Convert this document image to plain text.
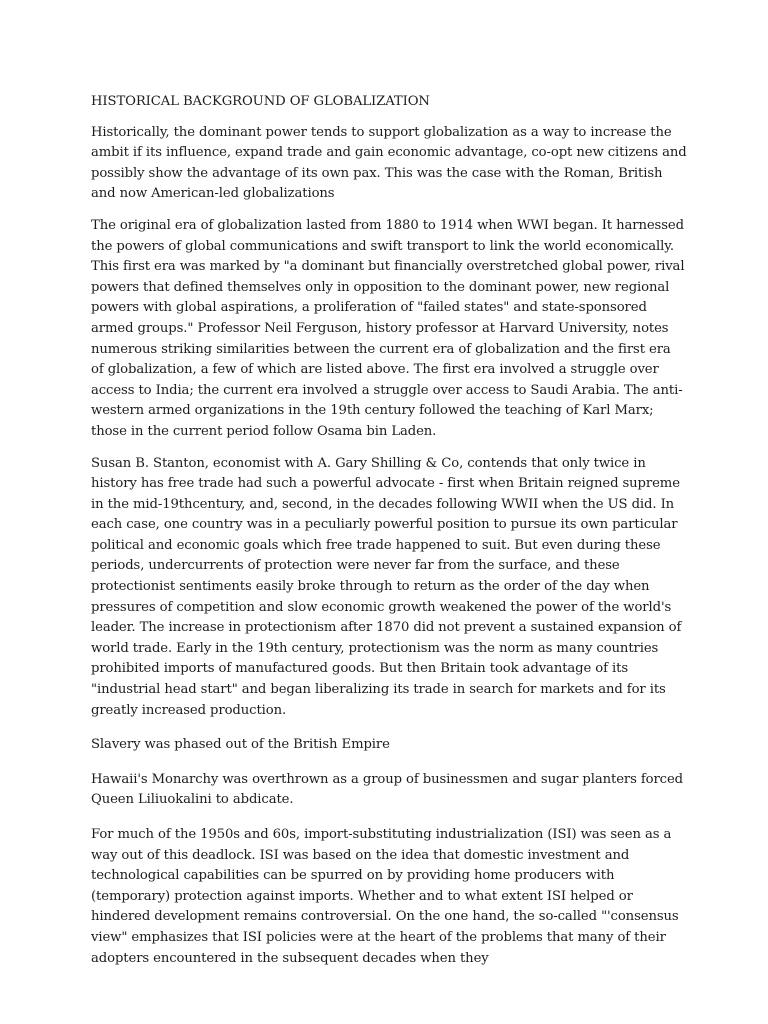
HISTORICAL BACKGROUND OF GLOBALIZATION

Historically, the dominant power tends to support globalization as a way to increase the ambit if its influence, expand trade and gain economic advantage, co-opt new citizens and possibly show the advantage of its own pax. This was the case with the Roman, British and now American-led globalizations

The original era of globalization lasted from 1880 to 1914 when WWI began. It harnessed the powers of global communications and swift transport to link the world economically. This first era was marked by "a dominant but financially overstretched global power, rival powers that defined themselves only in opposition to the dominant power, new regional powers with global aspirations, a proliferation of "failed states" and state-sponsored armed groups." Professor Neil Ferguson, history professor at Harvard University, notes numerous striking similarities between the current era of globalization and the first era of globalization, a few of which are listed above. The first era involved a struggle over access to India; the current era involved a struggle over access to Saudi Arabia. The anti-western armed organizations in the 19th century followed the teaching of Karl Marx; those in the current period follow Osama bin Laden.

Susan B. Stanton, economist with A. Gary Shilling & Co, contends that only twice in history has free trade had such a powerful advocate - first when Britain reigned supreme in the mid-19thcentury, and, second, in the decades following WWII when the US did. In each case, one country was in a peculiarly powerful position to pursue its own particular political and economic goals which free trade happened to suit. But even during these periods, undercurrents of protection were never far from the surface, and these protectionist sentiments easily broke through to return as the order of the day when pressures of competition and slow economic growth weakened the power of the world's leader. The increase in protectionism after 1870 did not prevent a sustained expansion of world trade. Early in the 19th century, protectionism was the norm as many countries prohibited imports of manufactured goods. But then Britain took advantage of its "industrial head start" and began liberalizing its trade in search for markets and for its greatly increased production.

Slavery was phased out of the British Empire

Hawaii's Monarchy was overthrown as a group of businessmen and sugar planters forced Queen Liliuokalini to abdicate.

For much of the 1950s and 60s, import-substituting industrialization (ISI) was seen as a way out of this deadlock. ISI was based on the idea that domestic investment and technological capabilities can be spurred on by providing home producers with (temporary) protection against imports. Whether and to what extent ISI helped or hindered development remains controversial. On the one hand, the so-called "'consensus view" emphasizes that ISI policies were at the heart of the problems that many of their adopters encountered in the subsequent decades when they
